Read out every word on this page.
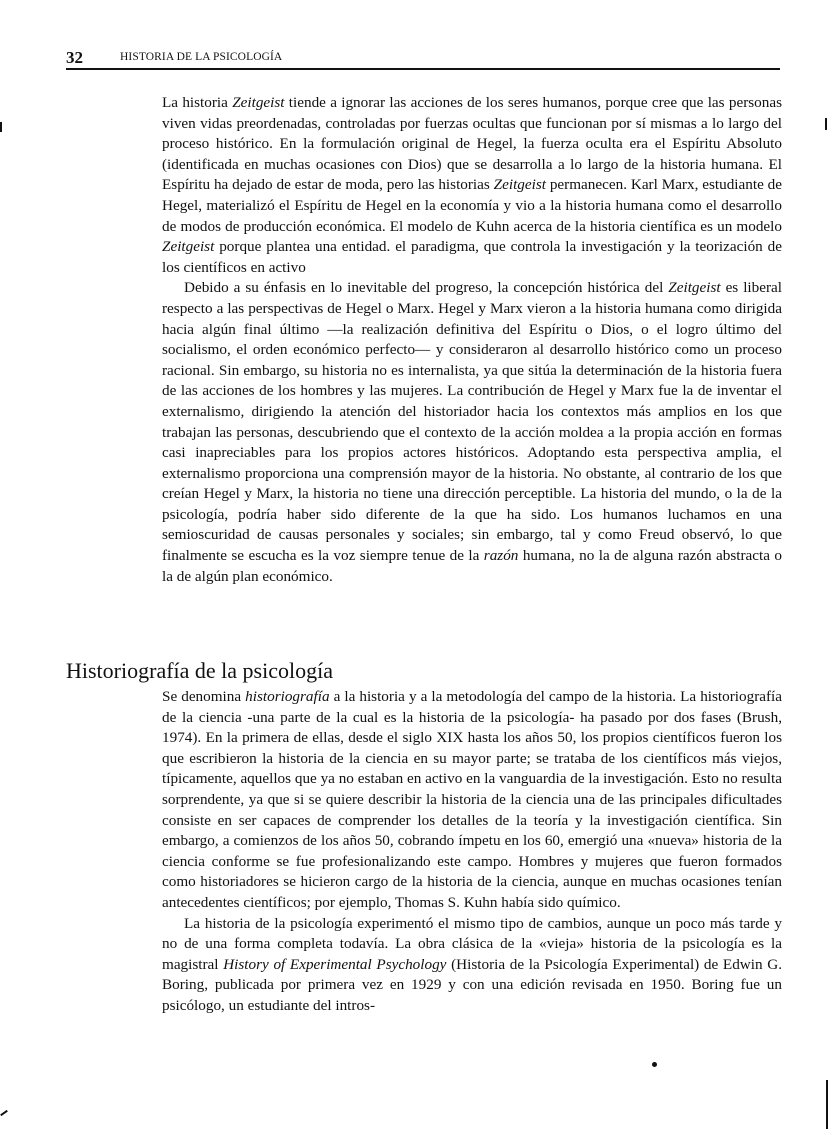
32	HISTORIA DE LA PSICOLOGÍA

La historia Zeitgeist tiende a ignorar las acciones de los seres humanos, porque cree que las personas viven vidas preordenadas, controladas por fuerzas ocultas que funcionan por sí mismas a lo largo del proceso histórico. En la formulación original de Hegel, la fuerza oculta era el Espíritu Absoluto (identificada en muchas ocasiones con Dios) que se desarrolla a lo largo de la historia humana. El Espíritu ha dejado de estar de moda, pero las historias Zeitgeist permanecen. Karl Marx, estudiante de Hegel, materializó el Espíritu de Hegel en la economía y vio a la historia humana como el desarrollo de modos de producción económica. El modelo de Kuhn acerca de la historia científica es un modelo Zeitgeist porque plantea una entidad. el paradigma, que controla la investigación y la teorización de los científicos en activo

Debido a su énfasis en lo inevitable del progreso, la concepción histórica del Zeitgeist es liberal respecto a las perspectivas de Hegel o Marx. Hegel y Marx vieron a la historia humana como dirigida hacia algún final último —la realización definitiva del Espíritu o Dios, o el logro último del socialismo, el orden económico perfecto— y consideraron al desarrollo histórico como un proceso racional. Sin embargo, su historia no es internalista, ya que sitúa la determinación de la historia fuera de las acciones de los hombres y las mujeres. La contribución de Hegel y Marx fue la de inventar el externalismo, dirigiendo la atención del historiador hacia los contextos más amplios en los que trabajan las personas, descubriendo que el contexto de la acción moldea a la propia acción en formas casi inapreciables para los propios actores históricos. Adoptando esta perspectiva amplia, el externalismo proporciona una comprensión mayor de la historia. No obstante, al contrario de los que creían Hegel y Marx, la historia no tiene una dirección perceptible. La historia del mundo, o la de la psicología, podría haber sido diferente de la que ha sido. Los humanos luchamos en una semioscuridad de causas personales y sociales; sin embargo, tal y como Freud observó, lo que finalmente se escucha es la voz siempre tenue de la razón humana, no la de alguna razón abstracta o la de algún plan económico.

Historiografía de la psicología

Se denomina historiografía a la historia y a la metodología del campo de la historia. La historiografía de la ciencia -una parte de la cual es la historia de la psicología- ha pasado por dos fases (Brush, 1974). En la primera de ellas, desde el siglo XIX hasta los años 50, los propios científicos fueron los que escribieron la historia de la ciencia en su mayor parte; se trataba de los científicos más viejos, típicamente, aquellos que ya no estaban en activo en la vanguardia de la investigación. Esto no resulta sorprendente, ya que si se quiere describir la historia de la ciencia una de las principales dificultades consiste en ser capaces de comprender los detalles de la teoría y la investigación científica. Sin embargo, a comienzos de los años 50, cobrando ímpetu en los 60, emergió una «nueva» historia de la ciencia conforme se fue profesionalizando este campo. Hombres y mujeres que fueron formados como historiadores se hicieron cargo de la historia de la ciencia, aunque en muchas ocasiones tenían antecedentes científicos; por ejemplo, Thomas S. Kuhn había sido químico.

La historia de la psicología experimentó el mismo tipo de cambios, aunque un poco más tarde y no de una forma completa todavía. La obra clásica de la «vieja» historia de la psicología es la magistral History of Experimental Psychology (Historia de la Psicología Experimental) de Edwin G. Boring, publicada por primera vez en 1929 y con una edición revisada en 1950. Boring fue un psicólogo, un estudiante del intros-
